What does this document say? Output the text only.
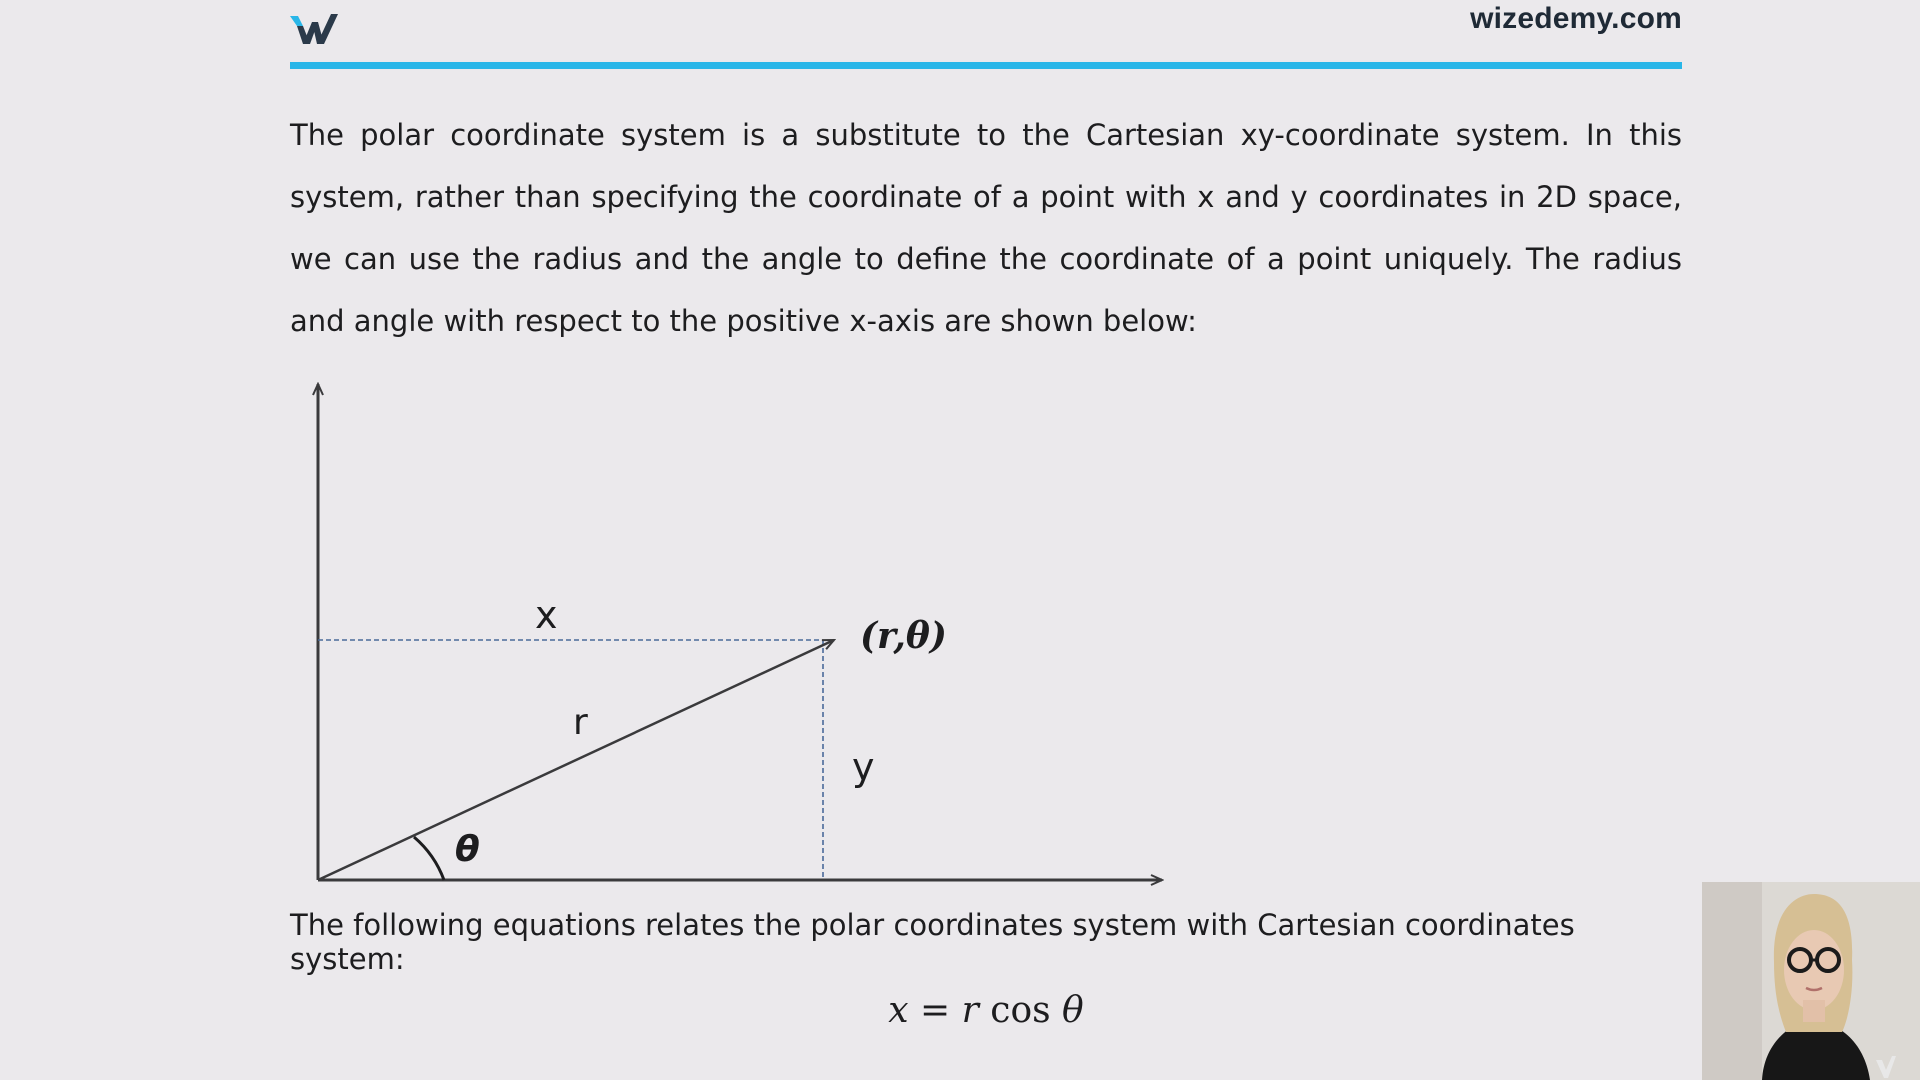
wizedemy.com
The polar coordinate system is a substitute to the Cartesian xy-coordinate system. In this system, rather than specifying the coordinate of a point with x and y coordinates in 2D space, we can use the radius and the angle to define the coordinate of a point uniquely. The radius and angle with respect to the positive x-axis are shown below:
x
r
y
θ
(r,θ)
The following equations relates the polar coordinates system with Cartesian coordinates system:
x = r cos θ
